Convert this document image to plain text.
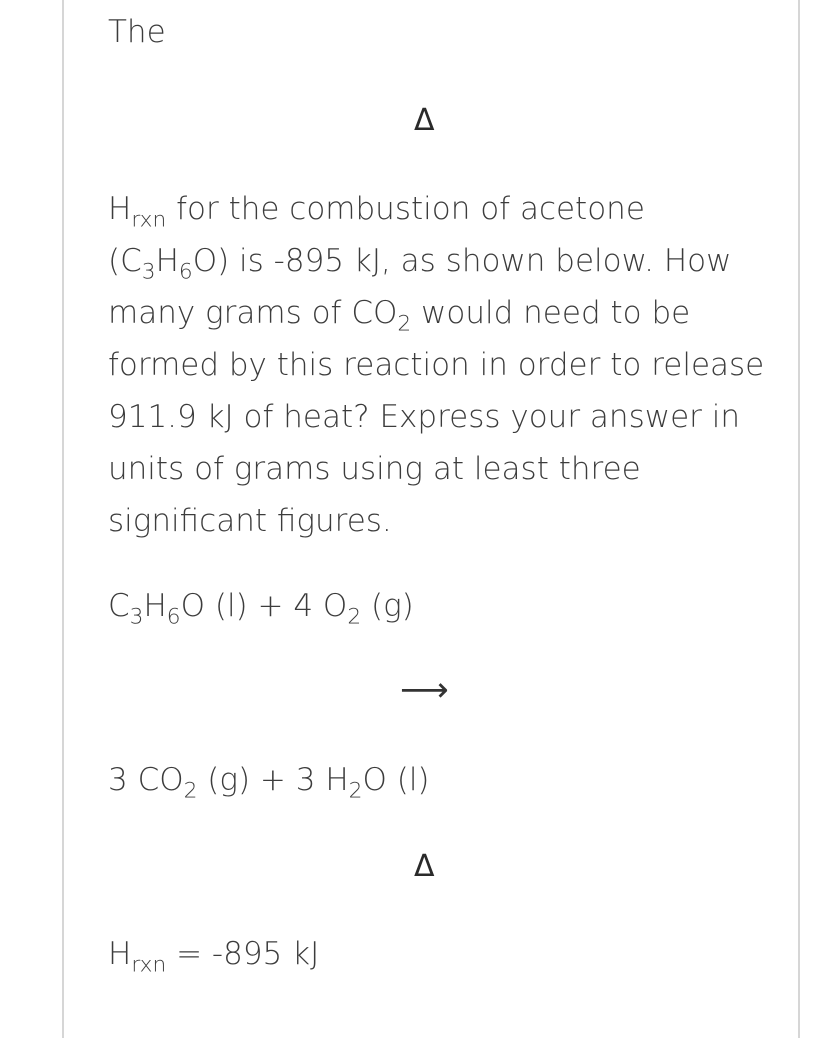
The
Δ
$H_{rxn}$ for the combustion of acetone
$(C_3H_6O)$ is -895 kJ, as shown below. How
many grams of $CO_2$ would need to be
formed by this reaction in order to release
911.9 kJ of heat? Express your answer in
units of grams using at least three
significant figures.
$C_3H_6O$ (l) + 4 $O_2$ (g)
⟶
3 $CO_2$ (g) + 3 $H_2O$ (l)
Δ
$H_{rxn} = -895$ kJ
